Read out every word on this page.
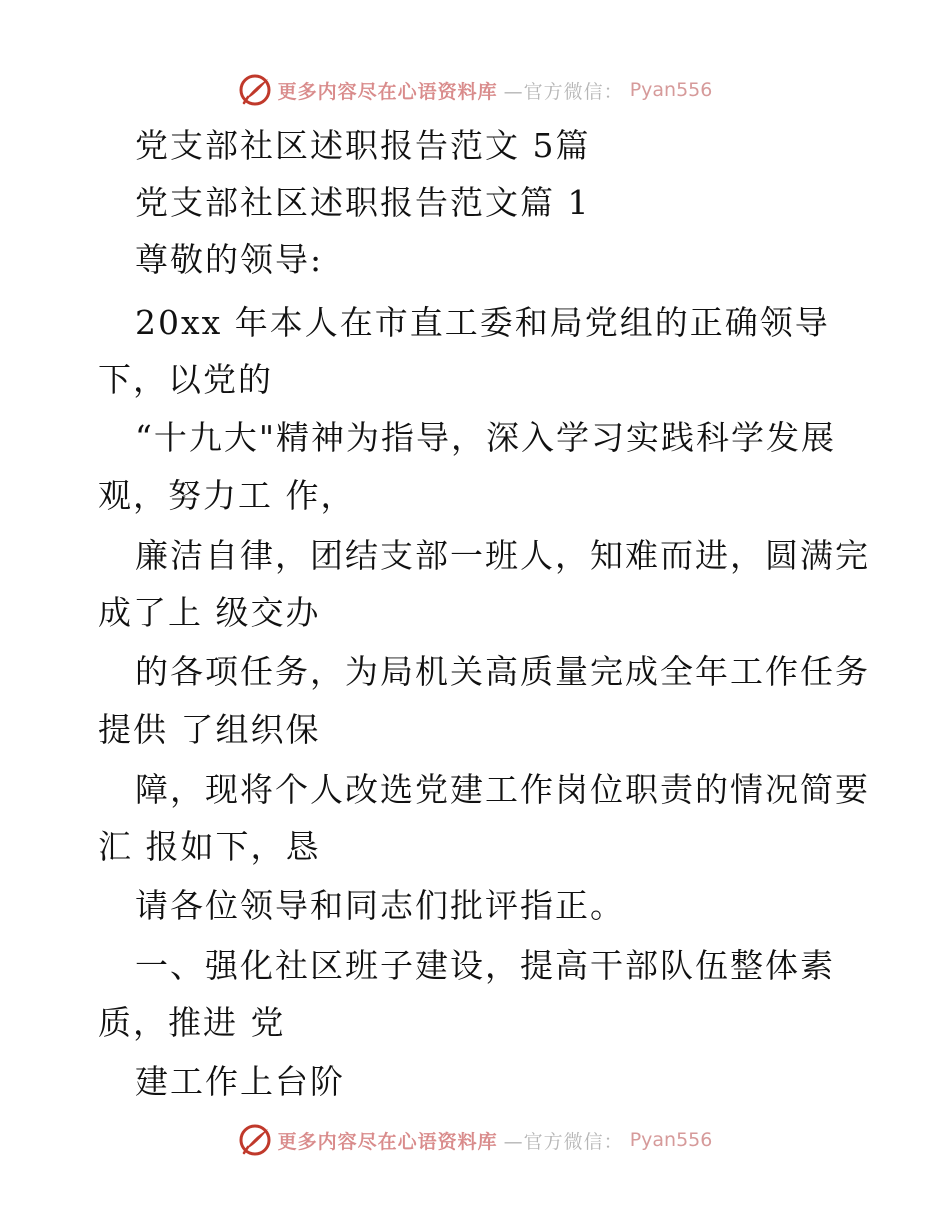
更多内容尽在心语资料库 —官方微信： Pyan556
党支部社区述职报告范文 5篇
党支部社区述职报告范文篇 1
尊敬的领导:
20xx 年本人在市直工委和局党组的正确领导
下，以党的
“十九大"精神为指导，深入学习实践科学发展
观，努力工 作，
廉洁自律，团结支部一班人，知难而进，圆满完
成了上 级交办
的各项任务，为局机关高质量完成全年工作任务
提供 了组织保
障，现将个人改选党建工作岗位职责的情况简要
汇 报如下，恳
请各位领导和同志们批评指正。
一、强化社区班子建设，提高干部队伍整体素
质，推进 党
建工作上台阶
更多内容尽在心语资料库 —官方微信： Pyan556
